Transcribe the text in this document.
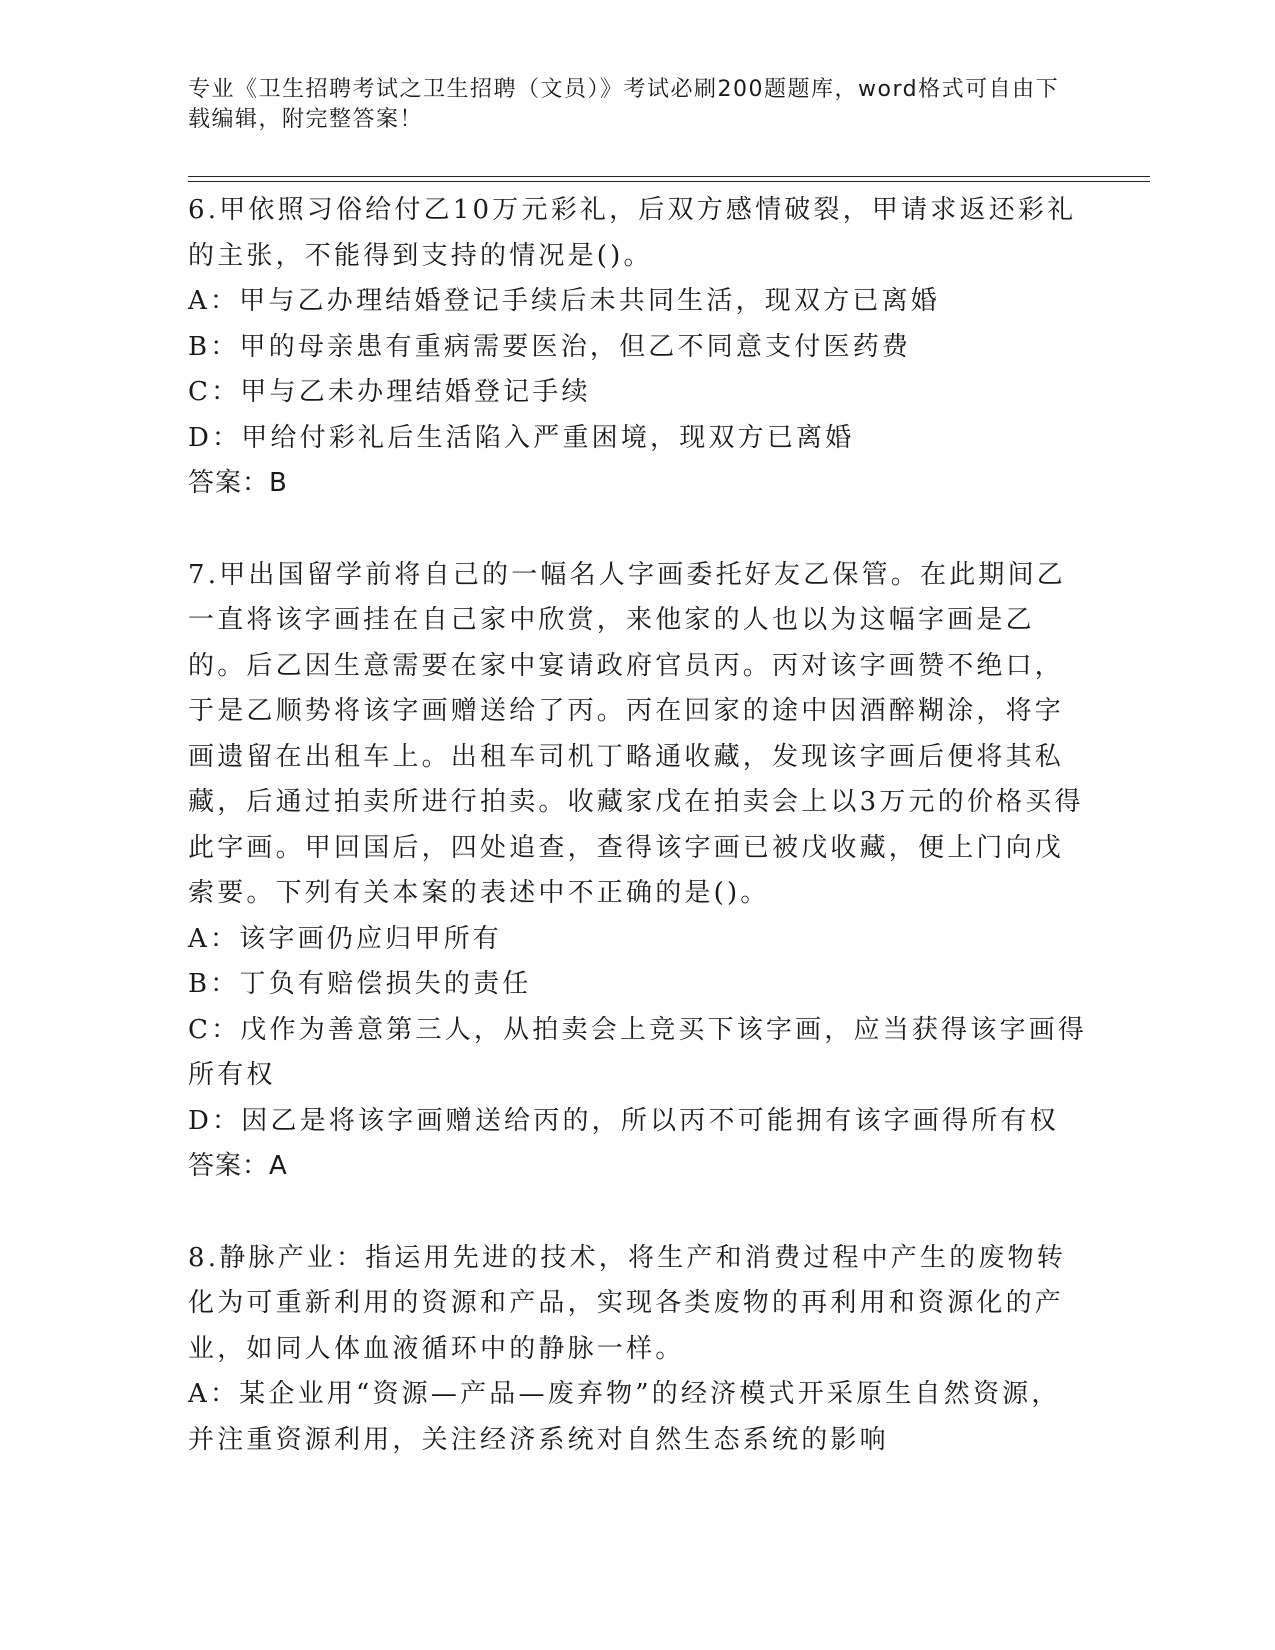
专业《卫生招聘考试之卫生招聘（文员）》考试必刷200题题库，word格式可自由下载编辑，附完整答案！

6.甲依照习俗给付乙10万元彩礼，后双方感情破裂，甲请求返还彩礼的主张，不能得到支持的情况是()。

A：甲与乙办理结婚登记手续后未共同生活，现双方已离婚

B：甲的母亲患有重病需要医治，但乙不同意支付医药费

C：甲与乙未办理结婚登记手续

D：甲给付彩礼后生活陷入严重困境，现双方已离婚

答案：B

7.甲出国留学前将自己的一幅名人字画委托好友乙保管。在此期间乙一直将该字画挂在自己家中欣赏，来他家的人也以为这幅字画是乙的。后乙因生意需要在家中宴请政府官员丙。丙对该字画赞不绝口，于是乙顺势将该字画赠送给了丙。丙在回家的途中因酒醉糊涂，将字画遗留在出租车上。出租车司机丁略通收藏，发现该字画后便将其私藏，后通过拍卖所进行拍卖。收藏家戊在拍卖会上以3万元的价格买得此字画。甲回国后，四处追查，查得该字画已被戊收藏，便上门向戊索要。下列有关本案的表述中不正确的是()。

A：该字画仍应归甲所有

B：丁负有赔偿损失的责任

C：戊作为善意第三人，从拍卖会上竞买下该字画，应当获得该字画得所有权

D：因乙是将该字画赠送给丙的，所以丙不可能拥有该字画得所有权

答案：A

8.静脉产业：指运用先进的技术，将生产和消费过程中产生的废物转化为可重新利用的资源和产品，实现各类废物的再利用和资源化的产业，如同人体血液循环中的静脉一样。

A：某企业用“资源—产品—废弃物”的经济模式开采原生自然资源，并注重资源利用，关注经济系统对自然生态系统的影响
